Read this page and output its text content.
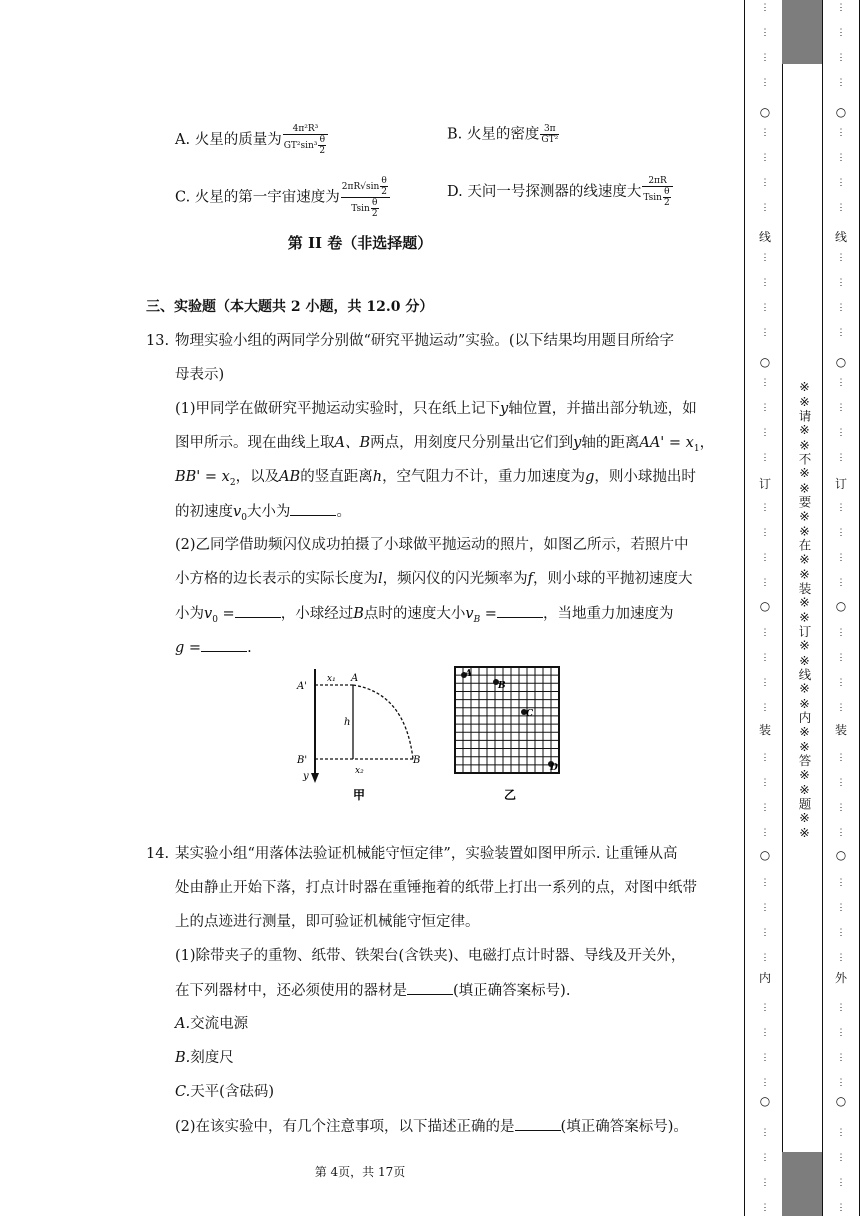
A. 火星的质量为 $\frac{\text{4π²R³}}{GT^2\sin^3 \frac{\theta}{2}}$	B. 火星的密度 $\frac{3\pi}{\text{GT²}}$
C. 火星的第一宇宙速度为 $\frac{2\pi R√\sin \frac{\theta}{2}}{Tsin \frac{\theta}{2}}$	D. 天问一号探测器的线速度大 $\frac{2\pi R}{Tsin \frac{\theta}{2}}$
第 II 卷（非选择题）
三、实验题（本大题共 2 小题，共 12.0 分）
13. 物理实验小组的两同学分别做“研究平抛运动”实验。(以下结果均用题目所给字
母表示)
(1)甲同学在做研究平抛运动实验时，只在纸上记下y轴位置，并描出部分轨迹，如
图甲所示。现在曲线上取A、B两点，用刻度尺分别量出它们到y轴的距离$AA' = x_1$，
$BB' = x_2$，以及AB的竖直距离h，空气阻力不计，重力加速度为g，则小球抛出时
的初速度$v_0$大小为	。
(2)乙同学借助频闪仪成功拍摄了小球做平抛运动的照片，如图乙所示，若照片中
小方格的边长表示的实际长度为l，频闪仪的闪光频率为f，则小球的平抛初速度大
小为$v_0$ =	，小球经过B点时的速度大小$v_B$ =	，当地重力加速度为
g =	.
A'
B'
A
B
h
x₁
x₂
y
甲
A
B
C
D
乙
14. 某实验小组“用落体法验证机械能守恒定律”，实验装置如图甲所示. 让重锤从高
处由静止开始下落，打点计时器在重锤拖着的纸带上打出一系列的点，对图中纸带
上的点迹进行测量，即可验证机械能守恒定律。
(1)除带夹子的重物、纸带、铁架台(含铁夹)、电磁打点计时器、导线及开关外，
在下列器材中，还必须使用的器材是	(填正确答案标号).
A.交流电源
B.刻度尺
C.天平(含砝码)
(2)在该实验中，有几个注意事项，以下描述正确的是	(填正确答案标号)。
第 4页，共 17页
※※请※※不※※要※※在※※装※※订※※线※※内※※答※※题※※
○
○
○
○
○
线
订
装
内
⋮
⋮
⋮
⋮
⋮
⋮
⋮
⋮
⋮
⋮
⋮
⋮
⋮
⋮
⋮
⋮
⋮
⋮
⋮
⋮
⋮
⋮
⋮
⋮
⋮
⋮
⋮
⋮
⋮
⋮
⋮
⋮
⋮
⋮
⋮
⋮
⋮
⋮
⋮
⋮
○
○
○
○
○
线
订
装
外
⋮
⋮
⋮
⋮
⋮
⋮
⋮
⋮
⋮
⋮
⋮
⋮
⋮
⋮
⋮
⋮
⋮
⋮
⋮
⋮
⋮
⋮
⋮
⋮
⋮
⋮
⋮
⋮
⋮
⋮
⋮
⋮
⋮
⋮
⋮
⋮
⋮
⋮
⋮
⋮
